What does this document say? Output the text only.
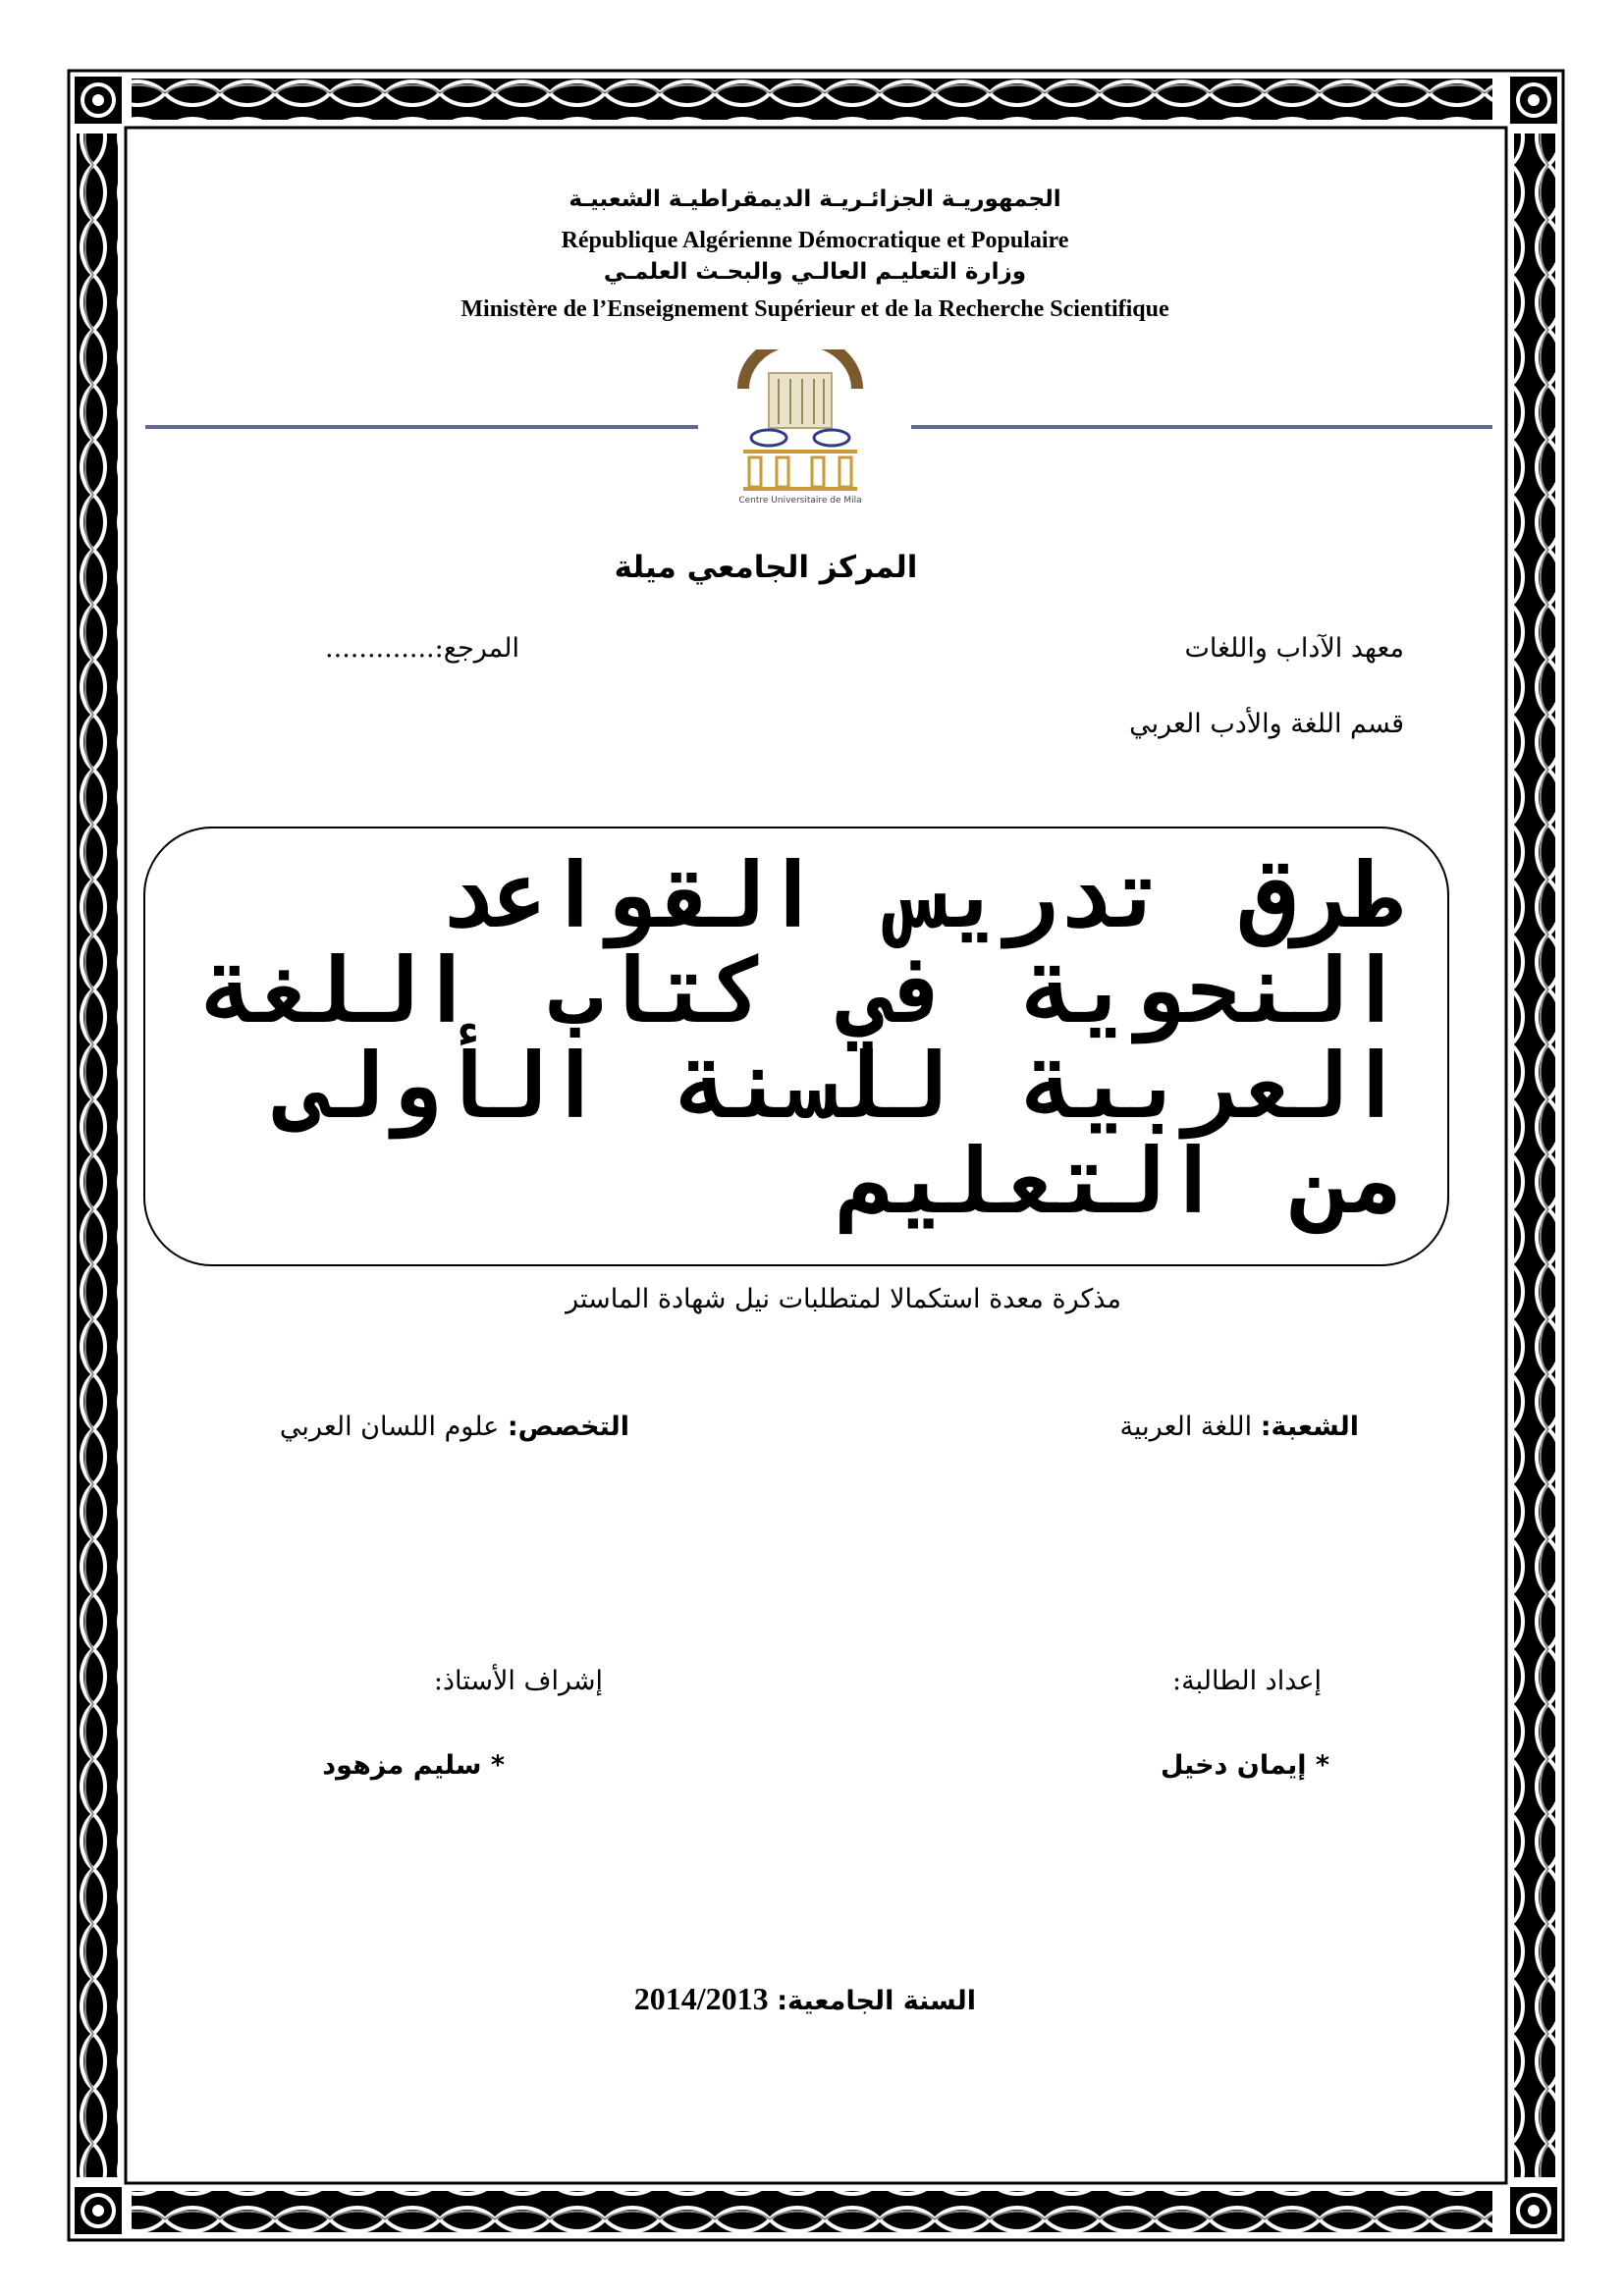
الجمهوريـة الجزائـريـة الديمقراطيـة الشعبيـة
République Algérienne Démocratique et Populaire
وزارة التعليـم العالـي والبحـث العلمـي
Ministère de l’Enseignement Supérieur et de la Recherche Scientifique
Centre Universitaire de Mila
المركز الجامعي ميلة
معهد الآداب واللغات
المرجع:.............
قسم اللغة والأدب العربي
طرق تدريس القواعد النحوية في كتاب اللغة العربية للسنة الأولى من التعليم
مذكرة معدة استكمالا لمتطلبات نيل شهادة الماستر
الشعبة: اللغة العربية
التخصص: علوم اللسان العربي
إعداد الطالبة:
إشراف الأستاذ:
* إيمان دخيل
* سليم مزهود
السنة الجامعية: 2014/2013
